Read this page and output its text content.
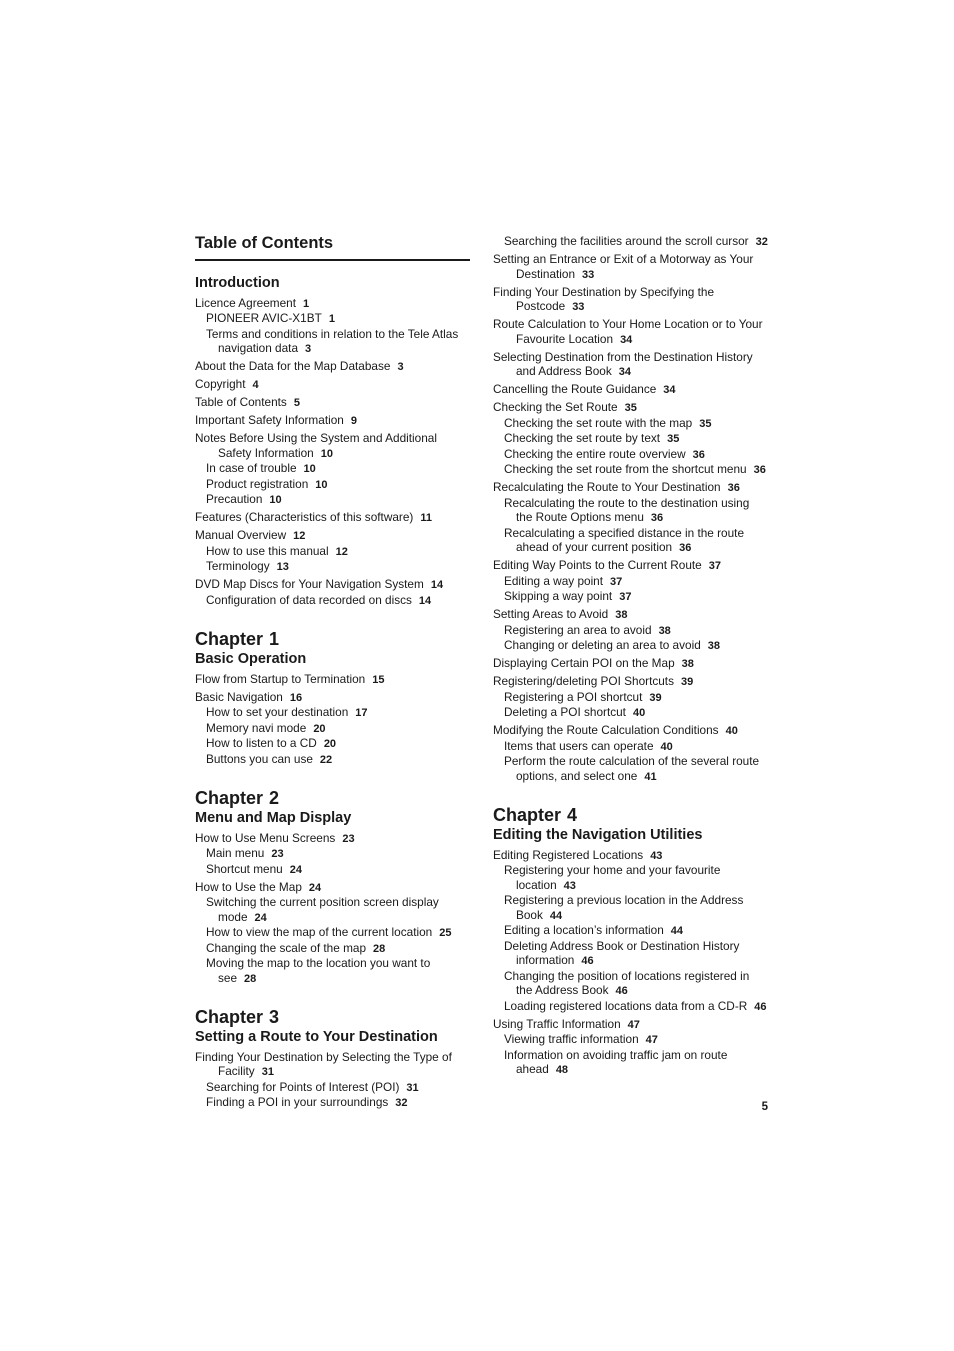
Table of Contents
Introduction
Licence Agreement 1
PIONEER AVIC-X1BT 1
Terms and conditions in relation to the Tele Atlas navigation data 3
About the Data for the Map Database 3
Copyright 4
Table of Contents 5
Important Safety Information 9
Notes Before Using the System and Additional Safety Information 10
In case of trouble 10
Product registration 10
Precaution 10
Features (Characteristics of this software) 11
Manual Overview 12
How to use this manual 12
Terminology 13
DVD Map Discs for Your Navigation System 14
Configuration of data recorded on discs 14
Chapter 1
Basic Operation
Flow from Startup to Termination 15
Basic Navigation 16
How to set your destination 17
Memory navi mode 20
How to listen to a CD 20
Buttons you can use 22
Chapter 2
Menu and Map Display
How to Use Menu Screens 23
Main menu 23
Shortcut menu 24
How to Use the Map 24
Switching the current position screen display mode 24
How to view the map of the current location 25
Changing the scale of the map 28
Moving the map to the location you want to see 28
Chapter 3
Setting a Route to Your Destination
Finding Your Destination by Selecting the Type of Facility 31
Searching for Points of Interest (POI) 31
Finding a POI in your surroundings 32
Searching the facilities around the scroll cursor 32
Setting an Entrance or Exit of a Motorway as Your Destination 33
Finding Your Destination by Specifying the Postcode 33
Route Calculation to Your Home Location or to Your Favourite Location 34
Selecting Destination from the Destination History and Address Book 34
Cancelling the Route Guidance 34
Checking the Set Route 35
Checking the set route with the map 35
Checking the set route by text 35
Checking the entire route overview 36
Checking the set route from the shortcut menu 36
Recalculating the Route to Your Destination 36
Recalculating the route to the destination using the Route Options menu 36
Recalculating a specified distance in the route ahead of your current position 36
Editing Way Points to the Current Route 37
Editing a way point 37
Skipping a way point 37
Setting Areas to Avoid 38
Registering an area to avoid 38
Changing or deleting an area to avoid 38
Displaying Certain POI on the Map 38
Registering/deleting POI Shortcuts 39
Registering a POI shortcut 39
Deleting a POI shortcut 40
Modifying the Route Calculation Conditions 40
Items that users can operate 40
Perform the route calculation of the several route options, and select one 41
Chapter 4
Editing the Navigation Utilities
Editing Registered Locations 43
Registering your home and your favourite location 43
Registering a previous location in the Address Book 44
Editing a location’s information 44
Deleting Address Book or Destination History information 46
Changing the position of locations registered in the Address Book 46
Loading registered locations data from a CD-R 46
Using Traffic Information 47
Viewing traffic information 47
Information on avoiding traffic jam on route ahead 48
5
